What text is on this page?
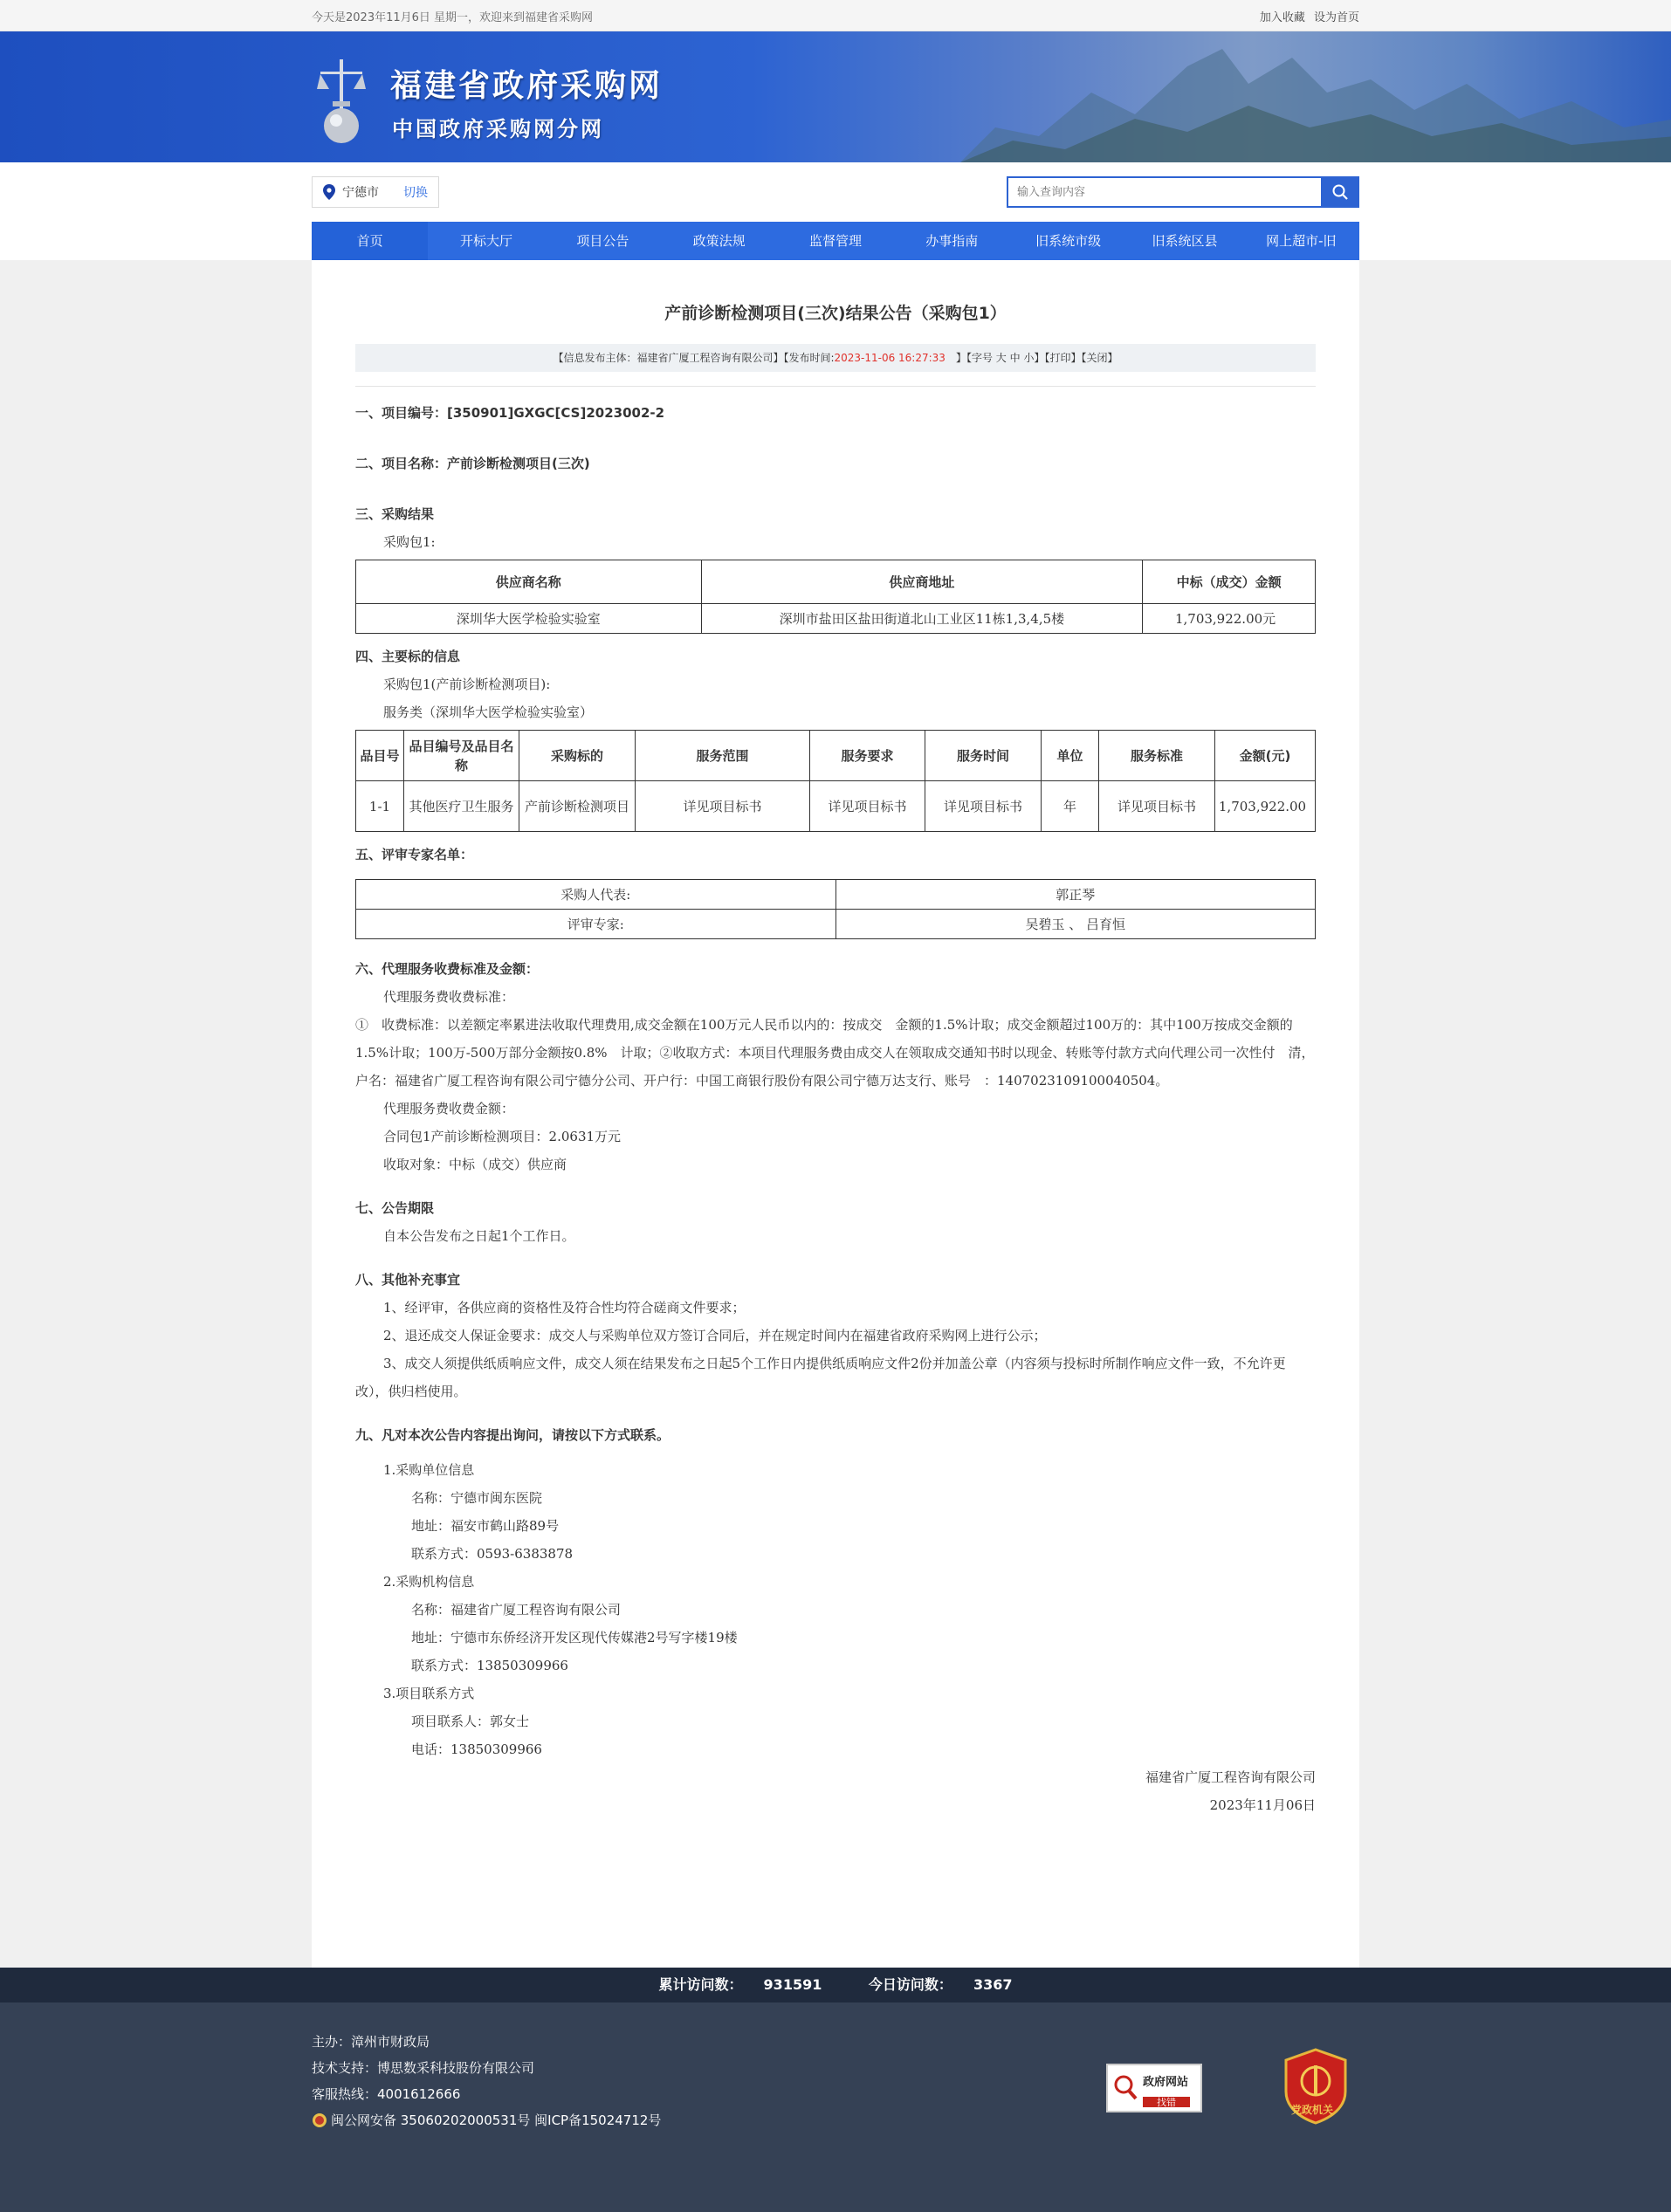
今天是2023年11月6日 星期一，欢迎来到福建省采购网	加入收藏 设为首页
福建省政府采购网
中国政府采购网分网
宁德市 切换
输入查询内容
首页	开标大厅	项目公告	政策法规	监督管理	办事指南	旧系统市级	旧系统区县	网上超市-旧
产前诊断检测项目(三次)结果公告（采购包1）
【信息发布主体：福建省广厦工程咨询有限公司】【发布时间:2023-11-06 16:27:33　 】【字号 大 中 小】【打印】【关闭】

一、项目编号：[350901]GXGC[CS]2023002-2

二、项目名称：产前诊断检测项目(三次)

三、采购结果

采购包1:

供应商名称	供应商地址	中标（成交）金额
深圳华大医学检验实验室	深圳市盐田区盐田街道北山工业区11栋1,3,4,5楼	1,703,922.00元

四、主要标的信息

采购包1(产前诊断检测项目):

服务类（深圳华大医学检验实验室）

品目号	品目编号及品目名称	采购标的	服务范围	服务要求	服务时间	单位	服务标准	金额(元)
1-1	其他医疗卫生服务	产前诊断检测项目	详见项目标书	详见项目标书	详见项目标书	年	详见项目标书	1,703,922.00

五、评审专家名单：

采购人代表:	郭正琴
评审专家:	吴碧玉 、 吕育恒

六、代理服务收费标准及金额：

代理服务费收费标准：

①　收费标准：以差额定率累进法收取代理费用,成交金额在100万元人民币以内的：按成交　金额的1.5%计取；成交金额超过100万的：其中100万按成交金额的1.5%计取；100万-500万部分金额按0.8%　计取；②收取方式：本项目代理服务费由成交人在领取成交通知书时以现金、转账等付款方式向代理公司一次性付　清，户名：福建省广厦工程咨询有限公司宁德分公司、开户行：中国工商银行股份有限公司宁德万达支行、账号　：1407023109100040504。

代理服务费收费金额：

合同包1产前诊断检测项目：2.0631万元

收取对象：中标（成交）供应商

七、公告期限

自本公告发布之日起1个工作日。

八、其他补充事宜

1、经评审，各供应商的资格性及符合性均符合磋商文件要求；

2、退还成交人保证金要求：成交人与采购单位双方签订合同后，并在规定时间内在福建省政府采购网上进行公示；

3、成交人须提供纸质响应文件，成交人须在结果发布之日起5个工作日内提供纸质响应文件2份并加盖公章（内容须与投标时所制作响应文件一致，不允许更改），供归档使用。

九、凡对本次公告内容提出询问，请按以下方式联系。

1.采购单位信息

名称：宁德市闽东医院

地址：福安市鹤山路89号

联系方式：0593-6383878

2.采购机构信息

名称：福建省广厦工程咨询有限公司

地址：宁德市东侨经济开发区现代传媒港2号写字楼19楼

联系方式：13850309966

3.项目联系方式

项目联系人：郭女士

电话：13850309966

福建省广厦工程咨询有限公司

2023年11月06日

累计访问数： 931591	今日访问数： 3367

主办：漳州市财政局

技术支持：博思数采科技股份有限公司

客服热线：4001612666

闽公网安备 35060202000531号 闽ICP备15024712号

政府网站
找错
党政机关
